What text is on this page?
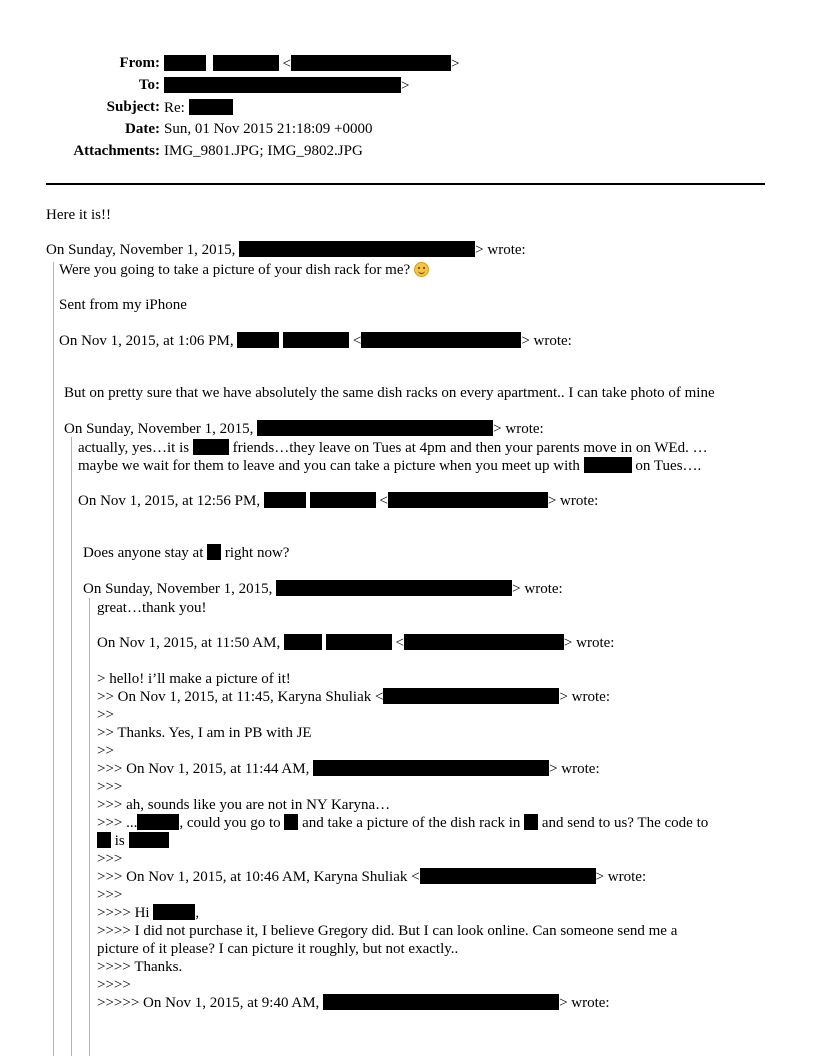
From:	<	>
To:	>
Subject: Re:
Date: Sun, 01 Nov 2015 21:18:09 +0000
Attachments: IMG_9801.JPG; IMG_9802.JPG
Here it is!!
On Sunday, November 1, 2015,	> wrote:
Were you going to take a picture of your dish rack for me?
Sent from my iPhone
On Nov 1, 2015, at 1:06 PM,	<	> wrote:
But on pretty sure that we have absolutely the same dish racks on every apartment.. I can take photo of mine
On Sunday, November 1, 2015,	> wrote:
actually, yes…it is	friends…they leave on Tues at 4pm and then your parents move in on WEd. …
maybe we wait for them to leave and you can take a picture when you meet up with	on Tues….
On Nov 1, 2015, at 12:56 PM,	<	> wrote:
Does anyone stay at right now?
On Sunday, November 1, 2015,	> wrote:
great…thank you!
On Nov 1, 2015, at 11:50 AM,	<	> wrote:
> hello! i’ll make a picture of it!
>> On Nov 1, 2015, at 11:45, Karyna Shuliak <	> wrote:
>>
>> Thanks. Yes, I am in PB with JE
>>
>>> On Nov 1, 2015, at 11:44 AM,	> wrote:
>>>
>>> ah, sounds like you are not in NY Karyna…
>>> ...	, could you go to and take a picture of the dish rack in and send to us? The code to
is
>>>
>>> On Nov 1, 2015, at 10:46 AM, Karyna Shuliak <	> wrote:
>>>
>>>> Hi	,
>>>> I did not purchase it, I believe Gregory did. But I can look online. Can someone send me a
picture of it please? I can picture it roughly, but not exactly..
>>>> Thanks.
>>>>
>>>>> On Nov 1, 2015, at 9:40 AM,	> wrote:
